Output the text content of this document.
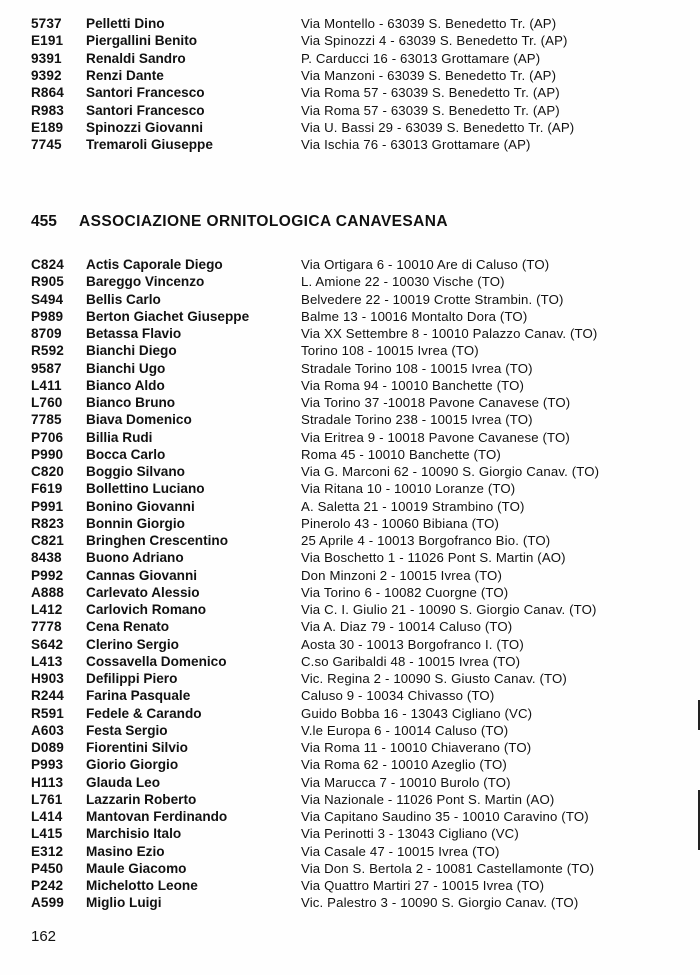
5737 Pelletti Dino	Via Montello - 63039 S. Benedetto Tr. (AP)
E191 Piergallini Benito	Via Spinozzi 4 - 63039 S. Benedetto Tr. (AP)
9391 Renaldi Sandro	P. Carducci 16 - 63013 Grottamare (AP)
9392 Renzi Dante	Via Manzoni - 63039 S. Benedetto Tr. (AP)
R864 Santori Francesco	Via Roma 57 - 63039 S. Benedetto Tr. (AP)
R983 Santori Francesco	Via Roma 57 - 63039 S. Benedetto Tr. (AP)
E189 Spinozzi Giovanni	Via U. Bassi 29 - 63039 S. Benedetto Tr. (AP)
7745 Tremaroli Giuseppe	Via Ischia 76 - 63013 Grottamare (AP)
455 ASSOCIAZIONE ORNITOLOGICA CANAVESANA
C824 Actis Caporale Diego	Via Ortigara 6 - 10010 Are di Caluso (TO)
R905 Bareggo Vincenzo	L. Amione 22 - 10030 Vische (TO)
S494 Bellis Carlo	Belvedere 22 - 10019 Crotte Strambin. (TO)
P989 Berton Giachet Giuseppe	Balme 13 - 10016 Montalto Dora (TO)
8709 Betassa Flavio	Via XX Settembre 8 - 10010 Palazzo Canav. (TO)
R592 Bianchi Diego	Torino 108 - 10015 Ivrea (TO)
9587 Bianchi Ugo	Stradale Torino 108 - 10015 Ivrea (TO)
L411 Bianco Aldo	Via Roma 94 - 10010 Banchette (TO)
L760 Bianco Bruno	Via Torino 37 -10018 Pavone Canavese (TO)
7785 Biava Domenico	Stradale Torino 238 - 10015 Ivrea (TO)
P706 Billia Rudi	Via Eritrea 9 - 10018 Pavone Cavanese (TO)
P990 Bocca Carlo	Roma 45 - 10010 Banchette (TO)
C820 Boggio Silvano	Via G. Marconi 62 - 10090 S. Giorgio Canav. (TO)
F619 Bollettino Luciano	Via Ritana 10 - 10010 Loranze (TO)
P991 Bonino Giovanni	A. Saletta 21 - 10019 Strambino (TO)
R823 Bonnin Giorgio	Pinerolo 43 - 10060 Bibiana (TO)
C821 Bringhen Crescentino	25 Aprile 4 - 10013 Borgofranco Bio. (TO)
8438 Buono Adriano	Via Boschetto 1 - 11026 Pont S. Martin (AO)
P992 Cannas Giovanni	Don Minzoni 2 - 10015 Ivrea (TO)
A888 Carlevato Alessio	Via Torino 6 - 10082 Cuorgne (TO)
L412 Carlovich Romano	Via C. I. Giulio 21 - 10090 S. Giorgio Canav. (TO)
7778 Cena Renato	Via A. Diaz 79 - 10014 Caluso (TO)
S642 Clerino Sergio	Aosta 30 - 10013 Borgofranco I. (TO)
L413 Cossavella Domenico	C.so Garibaldi 48 - 10015 Ivrea (TO)
H903 Defilippi Piero	Vic. Regina 2 - 10090 S. Giusto Canav. (TO)
R244 Farina Pasquale	Caluso 9 - 10034 Chivasso (TO)
R591 Fedele & Carando	Guido Bobba 16 - 13043 Cigliano (VC)
A603 Festa Sergio	V.le Europa 6 - 10014 Caluso (TO)
D089 Fiorentini Silvio	Via Roma 11 - 10010 Chiaverano (TO)
P993 Giorio Giorgio	Via Roma 62 - 10010 Azeglio (TO)
H113 Glauda Leo	Via Marucca 7 - 10010 Burolo (TO)
L761 Lazzarin Roberto	Via Nazionale - 11026 Pont S. Martin (AO)
L414 Mantovan Ferdinando	Via Capitano Saudino 35 - 10010 Caravino (TO)
L415 Marchisio Italo	Via Perinotti 3 - 13043 Cigliano (VC)
E312 Masino Ezio	Via Casale 47 - 10015 Ivrea (TO)
P450 Maule Giacomo	Via Don S. Bertola 2 - 10081 Castellamonte (TO)
P242 Michelotto Leone	Via Quattro Martiri 27 - 10015 Ivrea (TO)
A599 Miglio Luigi	Vic. Palestro 3 - 10090 S. Giorgio Canav. (TO)
162
